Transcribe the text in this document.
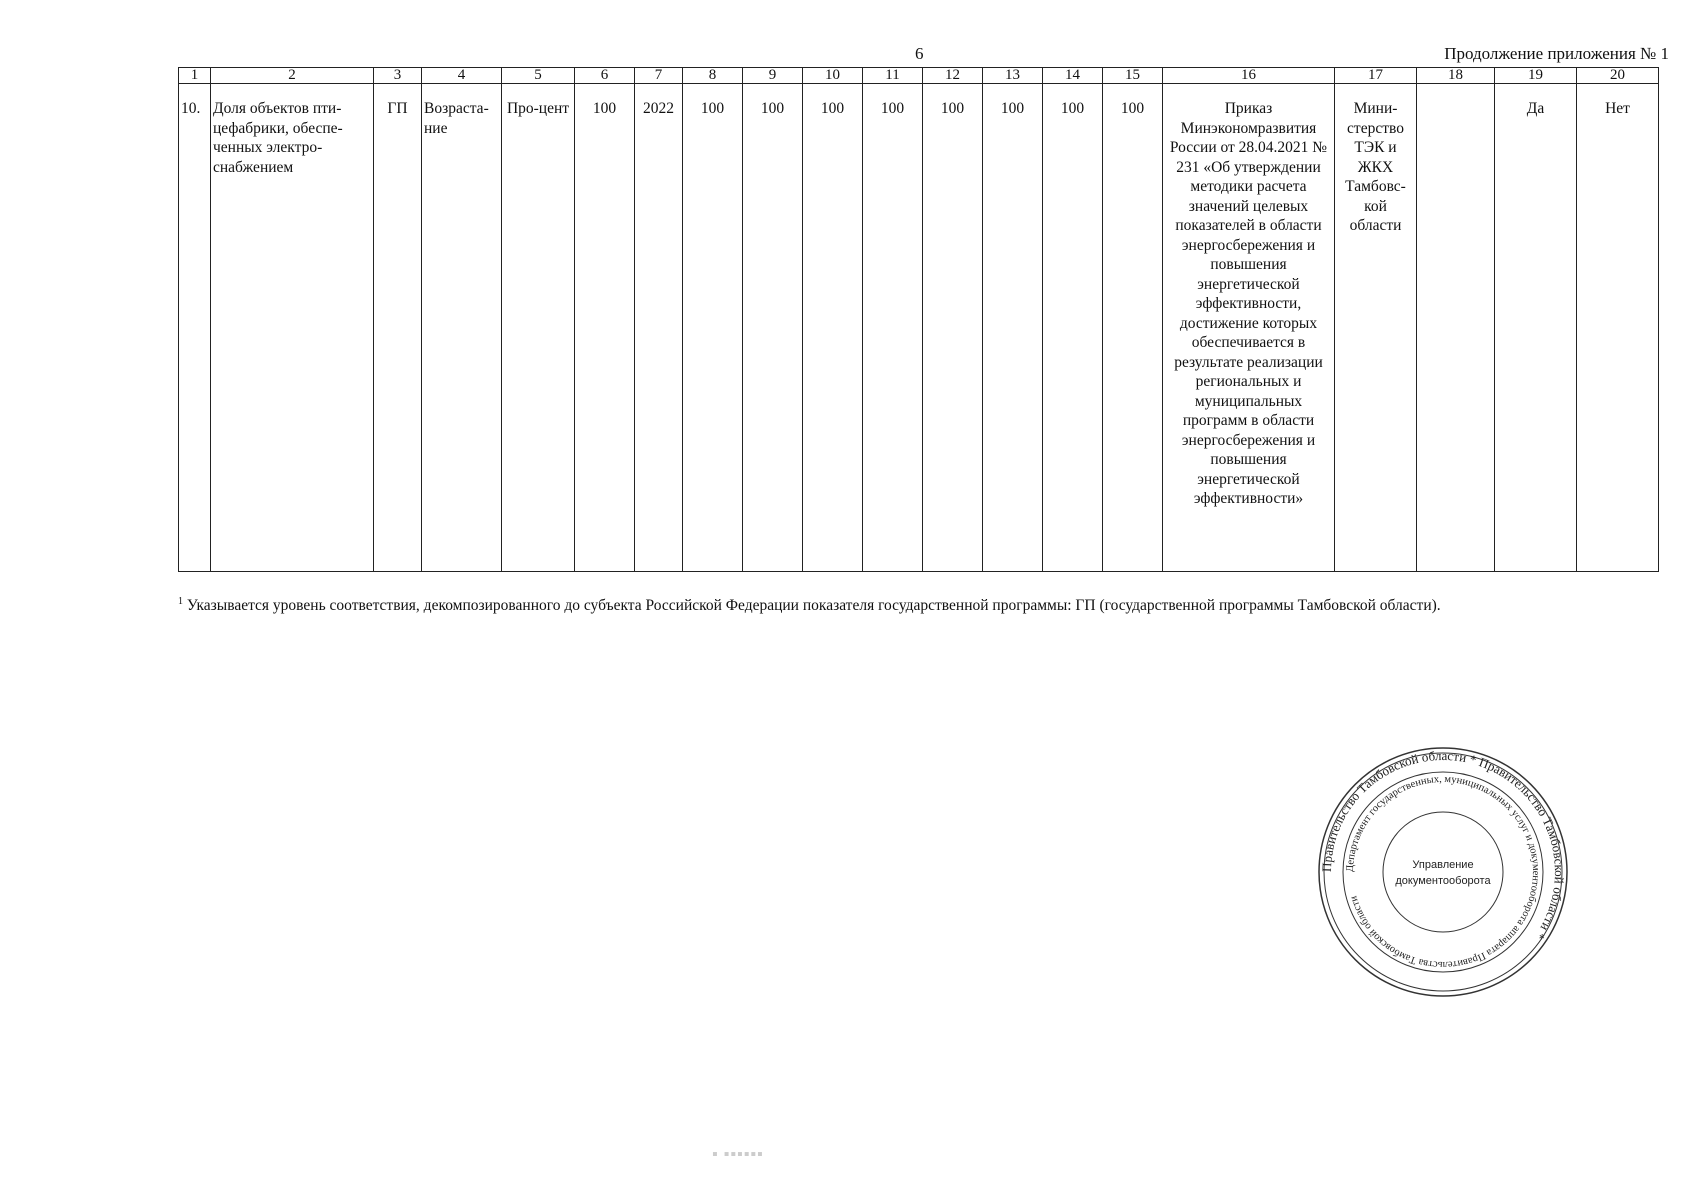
6	Продолжение приложения № 1
1	2	3	4	5	6	7	8	9	10	11	12	13	14	15	16	17	18	19	20
10.	Доля объектов пти-цефабрики, обеспе-ченных электро-снабжением	ГП	Возраста-ние	Про-цент	100	2022	100	100	100	100	100	100	100	100	Приказ Минэкономразвития России от 28.04.2021 № 231 «Об утверждении методики расчета значений целевых показателей в области энергосбережения и повышения энергетической эффективности, достижение которых обеспечивается в результате реализации региональных и муниципальных программ в области энергосбережения и повышения энергетической эффективности»	Мини-стерство ТЭК и ЖКХ Тамбовс-кой области		Да	Нет
$^1$ Указывается уровень соответствия, декомпозированного до субъекта Российской Федерации показателя государственной программы: ГП (государственной программы Тамбовской области).
Правительство Тамбовской области * Правительство Тамбовской области *
Департамент государственных, муниципальных услуг и документооборота аппарата Правительства Тамбовской области
Управление
документооборота
▪ ▪▪▪▪▪▪
